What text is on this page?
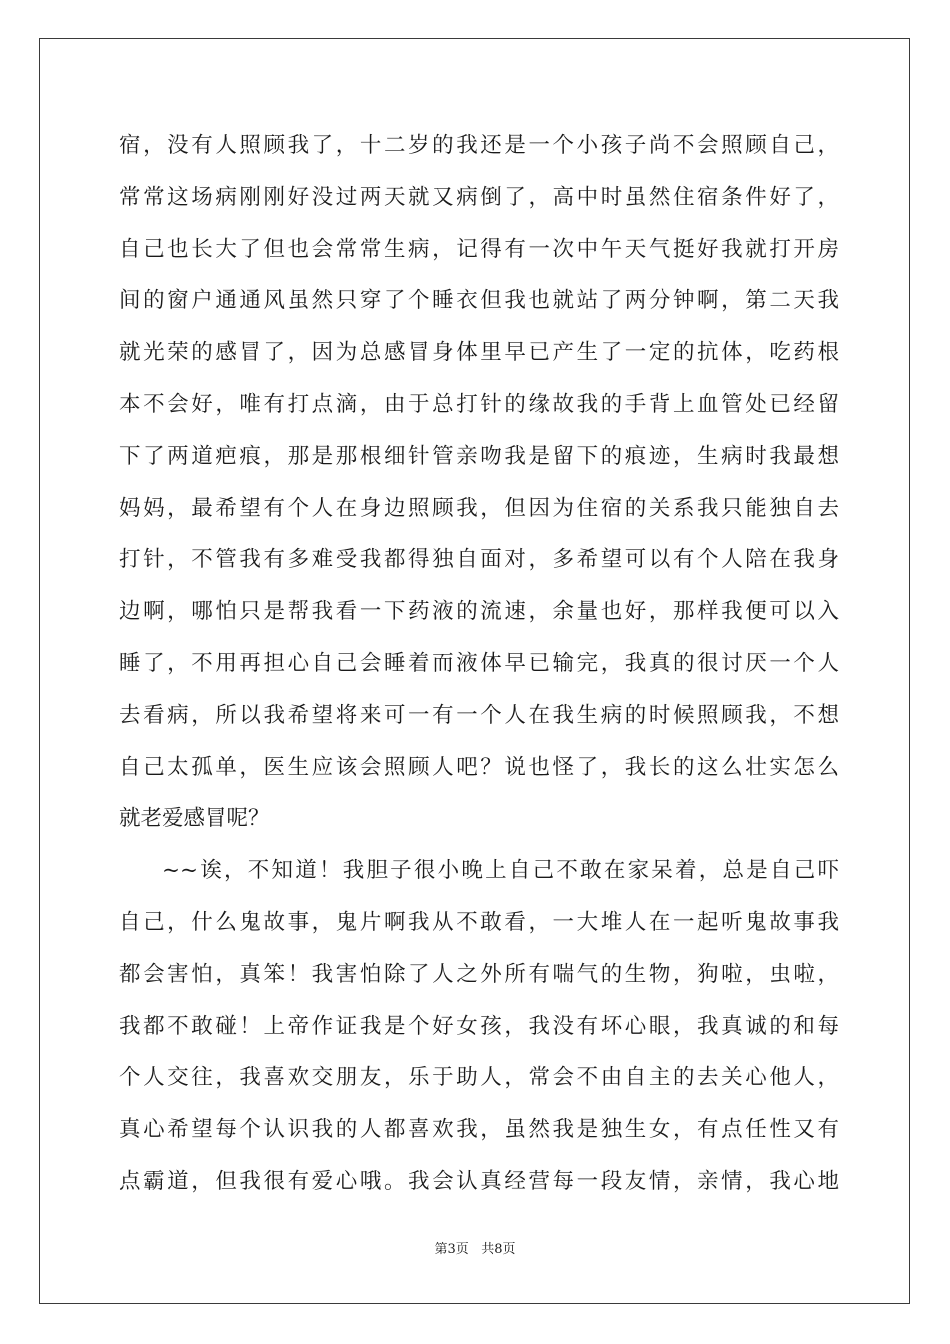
宿，没有人照顾我了，十二岁的我还是一个小孩子尚不会照顾自己，
常常这场病刚刚好没过两天就又病倒了，高中时虽然住宿条件好了，
自己也长大了但也会常常生病，记得有一次中午天气挺好我就打开房
间的窗户通通风虽然只穿了个睡衣但我也就站了两分钟啊，第二天我
就光荣的感冒了，因为总感冒身体里早已产生了一定的抗体，吃药根
本不会好，唯有打点滴，由于总打针的缘故我的手背上血管处已经留
下了两道疤痕，那是那根细针管亲吻我是留下的痕迹，生病时我最想
妈妈，最希望有个人在身边照顾我，但因为住宿的关系我只能独自去
打针，不管我有多难受我都得独自面对，多希望可以有个人陪在我身
边啊，哪怕只是帮我看一下药液的流速，余量也好，那样我便可以入
睡了，不用再担心自己会睡着而液体早已输完，我真的很讨厌一个人
去看病，所以我希望将来可一有一个人在我生病的时候照顾我，不想
自己太孤单，医生应该会照顾人吧？说也怪了，我长的这么壮实怎么
就老爱感冒呢？
~~诶，不知道！我胆子很小晚上自己不敢在家呆着，总是自己吓
自己，什么鬼故事，鬼片啊我从不敢看，一大堆人在一起听鬼故事我
都会害怕，真笨！我害怕除了人之外所有喘气的生物，狗啦，虫啦，
我都不敢碰！上帝作证我是个好女孩，我没有坏心眼，我真诚的和每
个人交往，我喜欢交朋友，乐于助人，常会不由自主的去关心他人，
真心希望每个认识我的人都喜欢我，虽然我是独生女，有点任性又有
点霸道，但我很有爱心哦。我会认真经营每一段友情，亲情，我心地
第3页 共8页
